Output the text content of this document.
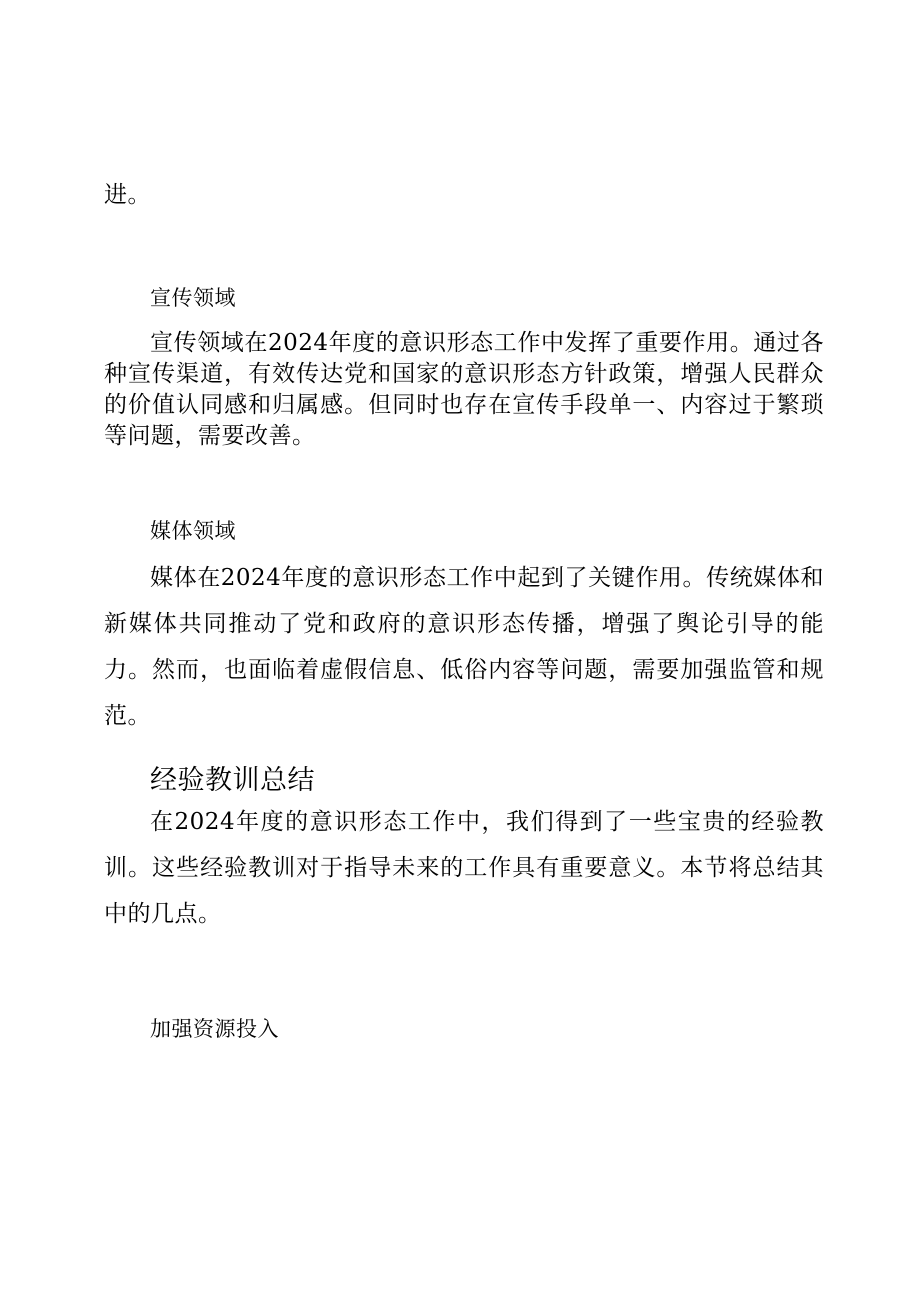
进。

宣传领域

宣传领域在2024年度的意识形态工作中发挥了重要作用。通过各种宣传渠道，有效传达党和国家的意识形态方针政策，增强人民群众的价值认同感和归属感。但同时也存在宣传手段单一、内容过于繁琐等问题，需要改善。

媒体领域

媒体在2024年度的意识形态工作中起到了关键作用。传统媒体和新媒体共同推动了党和政府的意识形态传播，增强了舆论引导的能力。然而，也面临着虚假信息、低俗内容等问题，需要加强监管和规范。

经验教训总结

在2024年度的意识形态工作中，我们得到了一些宝贵的经验教训。这些经验教训对于指导未来的工作具有重要意义。本节将总结其中的几点。

加强资源投入
